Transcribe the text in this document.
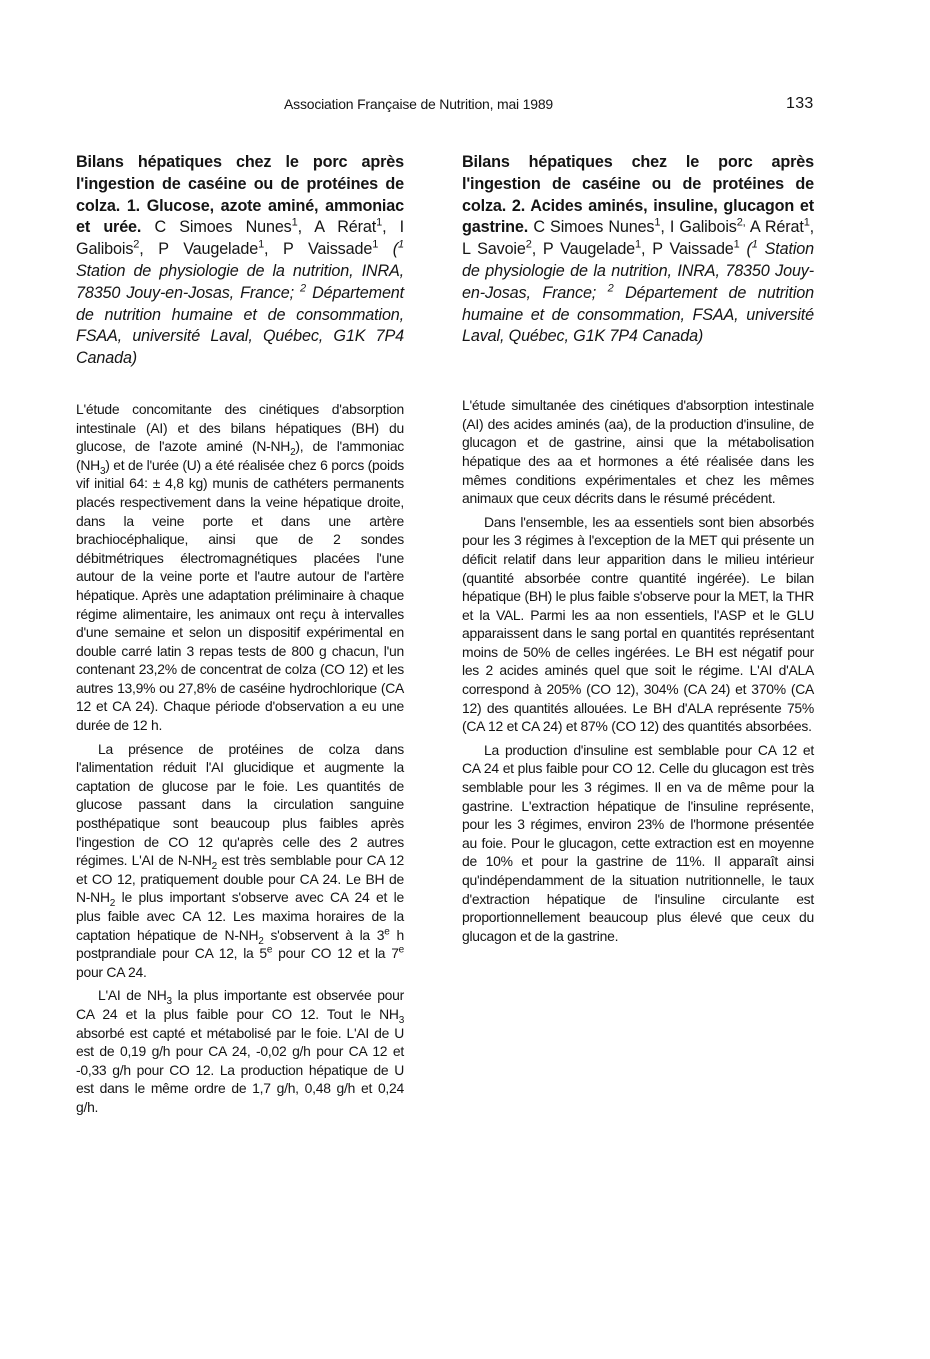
Association Française de Nutrition, mai 1989	133

Bilans hépatiques chez le porc après l'ingestion de caséine ou de protéines de colza. 1. Glucose, azote aminé, ammoniac et urée. C Simoes Nunes$^1$, A Rérat$^1$, I Galibois$^2$, P Vaugelade$^1$, P Vaissade$^1$ ($^1$ Station de physiologie de la nutrition, INRA, 78350 Jouy-en-Josas, France; $^2$ Département de nutrition humaine et de consommation, FSAA, université Laval, Québec, G1K 7P4 Canada)

L'étude concomitante des cinétiques d'absorption intestinale (AI) et des bilans hépatiques (BH) du glucose, de l'azote aminé $(N-NH_2)$, de l'ammoniac $(NH_3)$ et de l'urée (U) a été réalisée chez 6 porcs (poids vif initial 64: ± 4,8 kg) munis de cathéters permanents placés respectivement dans la veine hépatique droite, dans la veine porte et dans une artère brachiocéphalique, ainsi que de 2 sondes débitmétriques électromagnétiques placées l'une autour de la veine porte et l'autre autour de l'artère hépatique. Après une adaptation préliminaire à chaque régime alimentaire, les animaux ont reçu à intervalles d'une semaine et selon un dispositif expérimental en double carré latin 3 repas tests de 800 g chacun, l'un contenant 23,2% de concentrat de colza (CO 12) et les autres 13,9% ou 27,8% de caséine hydrochlorique (CA 12 et CA 24). Chaque période d'observation a eu une durée de 12 h.

La présence de protéines de colza dans l'alimentation réduit l'AI glucidique et augmente la captation de glucose par le foie. Les quantités de glucose passant dans la circulation sanguine posthépatique sont beaucoup plus faibles après l'ingestion de CO 12 qu'après celle des 2 autres régimes. L'AI de $N-NH_2$ est très semblable pour CA 12 et CO 12, pratiquement double pour CA 24. Le BH de $N-NH_2$ le plus important s'observe avec CA 24 et le plus faible avec CA 12. Les maxima horaires de la captation hépatique de $N-NH_2$ s'observent à la 3e h postprandiale pour CA 12, la 5e pour CO 12 et la 7e pour CA 24.

L'AI de $NH_3$ la plus importante est observée pour CA 24 et la plus faible pour CO 12. Tout le $NH_3$ absorbé est capté et métabolisé par le foie. L'AI de U est de 0,19 g/h pour CA 24, -0,02 g/h pour CA 12 et -0,33 g/h pour CO 12. La production hépatique de U est dans le même ordre de 1,7 g/h, 0,48 g/h et 0,24 g/h.

Bilans hépatiques chez le porc après l'ingestion de caséine ou de protéines de colza. 2. Acides aminés, insuline, glucagon et gastrine. C Simoes Nunes$^1$, I Galibois$^{2,}$ A Rérat$^1$, L Savoie$^2$, P Vaugelade$^1$, P Vaissade$^1$ ($^1$ Station de physiologie de la nutrition, INRA, 78350 Jouy-en-Josas, France; $^2$ Département de nutrition humaine et de consommation, FSAA, université Laval, Québec, G1K 7P4 Canada)

L'étude simultanée des cinétiques d'absorption intestinale (AI) des acides aminés (aa), de la production d'insuline, de glucagon et de gastrine, ainsi que la métabolisation hépatique des aa et hormones a été réalisée dans les mêmes conditions expérimentales et chez les mêmes animaux que ceux décrits dans le résumé précédent.

Dans l'ensemble, les aa essentiels sont bien absorbés pour les 3 régimes à l'exception de la MET qui présente un déficit relatif dans leur apparition dans le milieu intérieur (quantité absorbée contre quantité ingérée). Le bilan hépatique (BH) le plus faible s'observe pour la MET, la THR et la VAL. Parmi les aa non essentiels, l'ASP et le GLU apparaissent dans le sang portal en quantités représentant moins de 50% de celles ingérées. Le BH est négatif pour les 2 acides aminés quel que soit le régime. L'AI d'ALA correspond à 205% (CO 12), 304% (CA 24) et 370% (CA 12) des quantités allouées. Le BH d'ALA représente 75% (CA 12 et CA 24) et 87% (CO 12) des quantités absorbées.

La production d'insuline est semblable pour CA 12 et CA 24 et plus faible pour CO 12. Celle du glucagon est très semblable pour les 3 régimes. Il en va de même pour la gastrine. L'extraction hépatique de l'insuline représente, pour les 3 régimes, environ 23% de l'hormone présentée au foie. Pour le glucagon, cette extraction est en moyenne de 10% et pour la gastrine de 11%. Il apparaît ainsi qu'indépendamment de la situation nutritionnelle, le taux d'extraction hépatique de l'insuline circulante est proportionnellement beaucoup plus élevé que ceux du glucagon et de la gastrine.
